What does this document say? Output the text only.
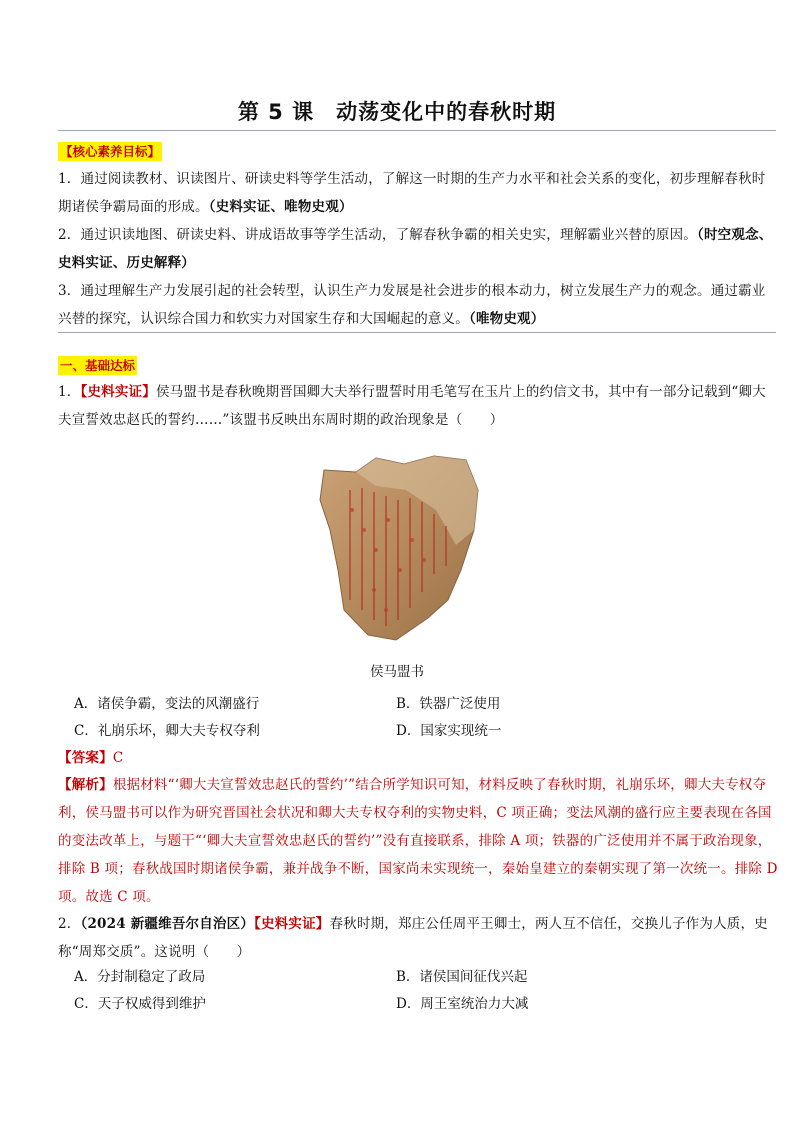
第 5 课　动荡变化中的春秋时期
【核心素养目标】
1．通过阅读教材、识读图片、研读史料等学生活动，了解这一时期的生产力水平和社会关系的变化，初步理解春秋时期诸侯争霸局面的形成。（史料实证、唯物史观）
2．通过识读地图、研读史料、讲成语故事等学生活动，了解春秋争霸的相关史实，理解霸业兴替的原因。（时空观念、史料实证、历史解释）
3．通过理解生产力发展引起的社会转型，认识生产力发展是社会进步的根本动力，树立发展生产力的观念。通过霸业兴替的探究，认识综合国力和软实力对国家生存和大国崛起的意义。（唯物史观）
一、基础达标
1．【史料实证】侯马盟书是春秋晚期晋国卿大夫举行盟誓时用毛笔写在玉片上的约信文书，其中有一部分记载到“卿大夫宣誓效忠赵氏的誓约……”该盟书反映出东周时期的政治现象是（　　）
侯马盟书
A．诸侯争霸，变法的风潮盛行	B．铁器广泛使用
C．礼崩乐坏，卿大夫专权夺利	D．国家实现统一
【答案】C
【解析】根据材料“‘卿大夫宣誓效忠赵氏的誓约’”结合所学知识可知，材料反映了春秋时期，礼崩乐坏，卿大夫专权夺利，侯马盟书可以作为研究晋国社会状况和卿大夫专权夺利的实物史料，C 项正确；变法风潮的盛行应主要表现在各国的变法改革上，与题干“‘卿大夫宣誓效忠赵氏的誓约’”没有直接联系，排除 A 项；铁器的广泛使用并不属于政治现象，排除 B 项；春秋战国时期诸侯争霸，兼并战争不断，国家尚未实现统一，秦始皇建立的秦朝实现了第一次统一。排除 D 项。故选 C 项。
2．（2024 新疆维吾尔自治区）【史料实证】春秋时期，郑庄公任周平王卿士，两人互不信任，交换儿子作为人质，史称“周郑交质”。这说明（　　）
A．分封制稳定了政局	B．诸侯国间征伐兴起
C．天子权威得到维护	D．周王室统治力大减
